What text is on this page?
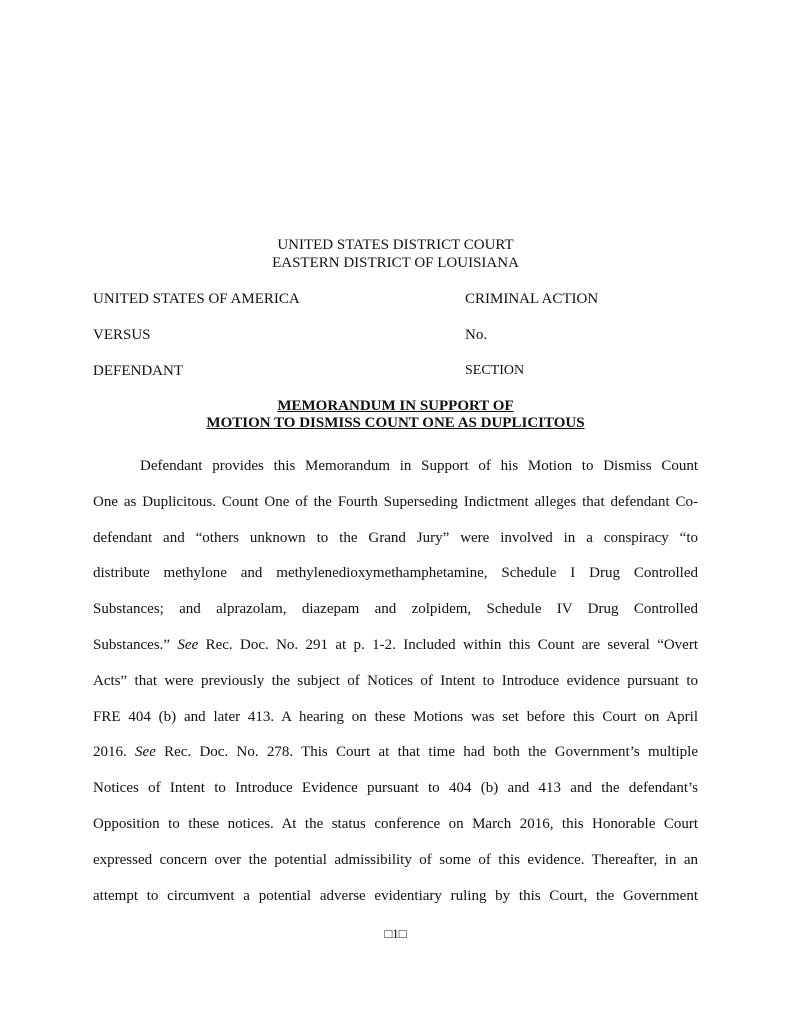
UNITED STATES DISTRICT COURT
EASTERN DISTRICT OF LOUISIANA
UNITED STATES OF AMERICA	CRIMINAL ACTION
VERSUS	No.
DEFENDANT	SECTION
MEMORANDUM IN SUPPORT OF
MOTION TO DISMISS COUNT ONE AS DUPLICITOUS
Defendant provides this Memorandum in Support of his Motion to Dismiss Count
One as Duplicitous. Count One of the Fourth Superseding Indictment alleges that defendant Co-
defendant and “others unknown to the Grand Jury” were involved in a conspiracy “to
distribute methylone and methylenedioxymethamphetamine, Schedule I Drug Controlled
Substances; and alprazolam, diazepam and zolpidem, Schedule IV Drug Controlled
Substances.” See Rec. Doc. No. 291 at p. 1-2. Included within this Count are several “Overt
Acts” that were previously the subject of Notices of Intent to Introduce evidence pursuant to
FRE 404 (b) and later 413. A hearing on these Motions was set before this Court on April
2016. See Rec. Doc. No. 278. This Court at that time had both the Government’s multiple
Notices of Intent to Introduce Evidence pursuant to 404 (b) and 413 and the defendant’s
Opposition to these notices. At the status conference on March 2016, this Honorable Court
expressed concern over the potential admissibility of some of this evidence. Thereafter, in an
attempt to circumvent a potential adverse evidentiary ruling by this Court, the Government
□1□
